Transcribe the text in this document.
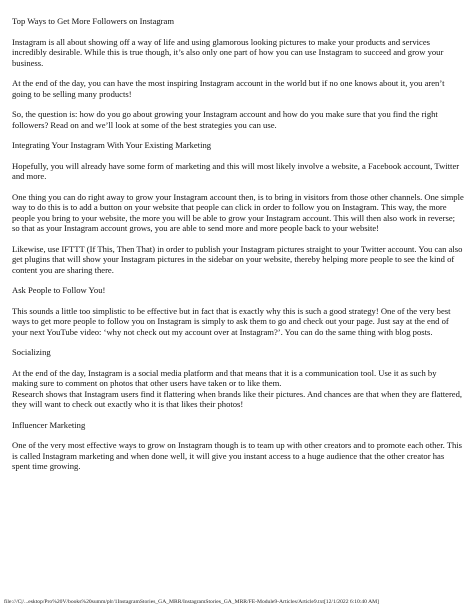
Top Ways to Get More Followers on Instagram

Instagram is all about showing off a way of life and using glamorous looking pictures to make your products and services incredibly desirable. While this is true though, it’s also only one part of how you can use Instagram to succeed and grow your business.

At the end of the day, you can have the most inspiring Instagram account in the world but if no one knows about it, you aren’t going to be selling many products!

So, the question is: how do you go about growing your Instagram account and how do you make sure that you find the right followers? Read on and we’ll look at some of the best strategies you can use.

Integrating Your Instagram With Your Existing Marketing

Hopefully, you will already have some form of marketing and this will most likely involve a website, a Facebook account, Twitter and more.

One thing you can do right away to grow your Instagram account then, is to bring in visitors from those other channels. One simple way to do this is to add a button on your website that people can click in order to follow you on Instagram. This way, the more people you bring to your website, the more you will be able to grow your Instagram account. This will then also work in reverse; so that as your Instagram account grows, you are able to send more and more people back to your website!

Likewise, use IFTTT (If This, Then That) in order to publish your Instagram pictures straight to your Twitter account. You can also get plugins that will show your Instagram pictures in the sidebar on your website, thereby helping more people to see the kind of content you are sharing there.

Ask People to Follow You!

This sounds a little too simplistic to be effective but in fact that is exactly why this is such a good strategy! One of the very best ways to get more people to follow you on Instagram is simply to ask them to go and check out your page. Just say at the end of your next YouTube video: ‘why not check out my account over at Instagram?’. You can do the same thing with blog posts.

Socializing

At the end of the day, Instagram is a social media platform and that means that it is a communication tool. Use it as such by making sure to comment on photos that other users have taken or to like them.
Research shows that Instagram users find it flattering when brands like their pictures. And chances are that when they are flattered, they will want to check out exactly who it is that likes their photos!

Influencer Marketing

One of the very most effective ways to grow on Instagram though is to team up with other creators and to promote each other. This is called Instagram marketing and when done well, it will give you instant access to a huge audience that the other creator has spent time growing.

file:///C|/...esktop/Pro%20V/books%20summ/plr/1InstagramStories_GA_MRR/InstagramStories_GA_MRR/FE-Module9-Articles/Article9.txt[12/1/2022 6:10:40 AM]
